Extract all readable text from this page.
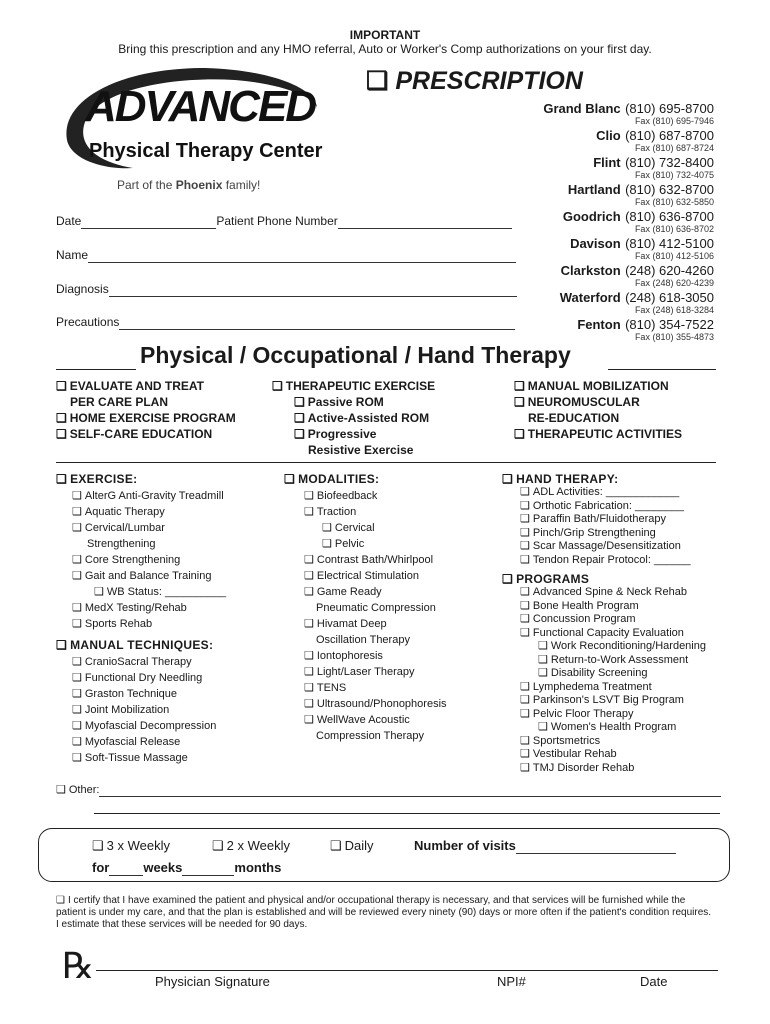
IMPORTANT
Bring this prescription and any HMO referral, Auto or Worker's Comp authorizations on your first day.
❑ PRESCRIPTION
ADVANCED
Physical Therapy Center
Part of the Phoenix family!
Grand Blanc (810) 695-8700
Fax (810) 695-7946
Clio (810) 687-8700
Fax (810) 687-8724
Flint (810) 732-8400
Fax (810) 732-4075
Hartland (810) 632-8700
Fax (810) 632-5850
Goodrich (810) 636-8700
Fax (810) 636-8702
Davison (810) 412-5100
Fax (810) 412-5106
Clarkston (248) 620-4260
Fax (248) 620-4239
Waterford (248) 618-3050
Fax (248) 618-3284
Fenton (810) 354-7522
Fax (810) 355-4873
Date	Patient Phone Number
Name
Diagnosis
Precautions
Physical / Occupational / Hand Therapy
❑ EVALUATE AND TREAT
PER CARE PLAN
❑ HOME EXERCISE PROGRAM
❑ SELF-CARE EDUCATION
❑ THERAPEUTIC EXERCISE
❑ Passive ROM
❑ Active-Assisted ROM
❑ Progressive
Resistive Exercise
❑ MANUAL MOBILIZATION
❑ NEUROMUSCULAR
RE-EDUCATION
❑ THERAPEUTIC ACTIVITIES
❑ EXERCISE:
❑ AlterG Anti-Gravity Treadmill
❑ Aquatic Therapy
❑ Cervical/Lumbar
Strengthening
❑ Core Strengthening
❑ Gait and Balance Training
❑ WB Status: __________
❑ MedX Testing/Rehab
❑ Sports Rehab
❑ MANUAL TECHNIQUES:
❑ CranioSacral Therapy
❑ Functional Dry Needling
❑ Graston Technique
❑ Joint Mobilization
❑ Myofascial Decompression
❑ Myofascial Release
❑ Soft-Tissue Massage
❑ MODALITIES:
❑ Biofeedback
❑ Traction
❑ Cervical
❑ Pelvic
❑ Contrast Bath/Whirlpool
❑ Electrical Stimulation
❑ Game Ready
Pneumatic Compression
❑ Hivamat Deep
Oscillation Therapy
❑ Iontophoresis
❑ Light/Laser Therapy
❑ TENS
❑ Ultrasound/Phonophoresis
❑ WellWave Acoustic
Compression Therapy
❑ HAND THERAPY:
❑ ADL Activities: ____________
❑ Orthotic Fabrication: ________
❑ Paraffin Bath/Fluidotherapy
❑ Pinch/Grip Strengthening
❑ Scar Massage/Desensitization
❑ Tendon Repair Protocol: ______
❑ PROGRAMS
❑ Advanced Spine & Neck Rehab
❑ Bone Health Program
❑ Concussion Program
❑ Functional Capacity Evaluation
❑ Work Reconditioning/Hardening
❑ Return-to-Work Assessment
❑ Disability Screening
❑ Lymphedema Treatment
❑ Parkinson's LSVT Big Program
❑ Pelvic Floor Therapy
❑ Women's Health Program
❑ Sportsmetrics
❑ Vestibular Rehab
❑ TMJ Disorder Rehab
❑ Other:
❑ 3 x Weekly ❑	2 x Weekly ❑	Daily	Number of visits
for	weeks	months
❑ I certify that I have examined the patient and physical and/or occupational therapy is necessary, and that services will be furnished while the patient is under my care, and that the plan is established and will be reviewed every ninety (90) days or more often if the patient's condition requires. I estimate that these services will be needed for 90 days.
℞	Physician Signature	NPI#	Date
